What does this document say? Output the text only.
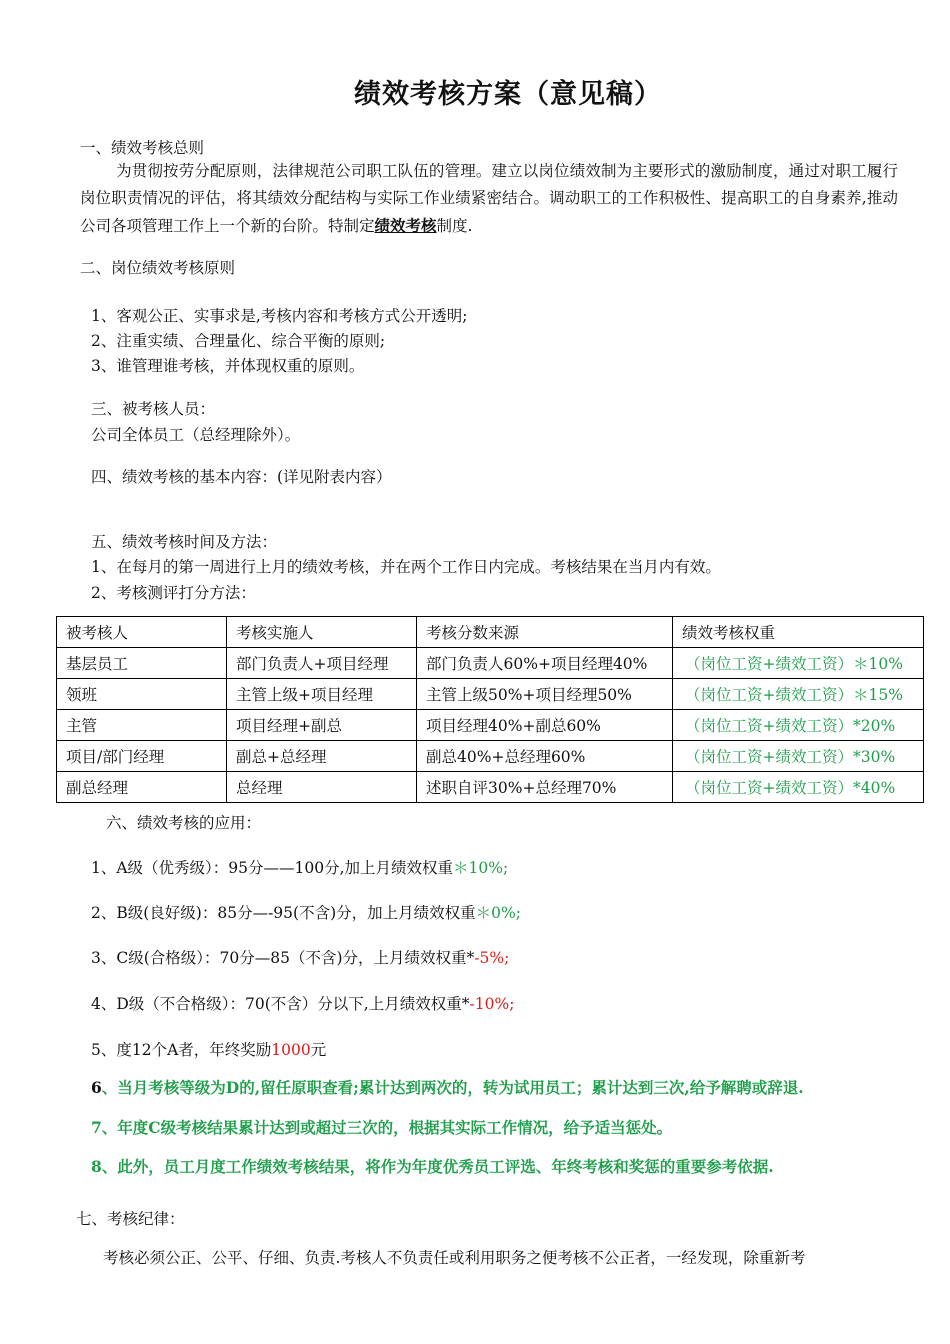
绩效考核方案（意见稿）
一、绩效考核总则
为贯彻按劳分配原则，法律规范公司职工队伍的管理。建立以岗位绩效制为主要形式的激励制度，通过对职工履行岗位职责情况的评估，将其绩效分配结构与实际工作业绩紧密结合。调动职工的工作积极性、提高职工的自身素养,推动公司各项管理工作上一个新的台阶。特制定绩效考核制度.
二、岗位绩效考核原则
1、客观公正、实事求是,考核内容和考核方式公开透明;
2、注重实绩、合理量化、综合平衡的原则;
3、谁管理谁考核，并体现权重的原则。
三、被考核人员：
公司全体员工（总经理除外）。
四、绩效考核的基本内容：(详见附表内容）
五、绩效考核时间及方法：
1、在每月的第一周进行上月的绩效考核，并在两个工作日内完成。考核结果在当月内有效。
2、考核测评打分方法：
被考核人	考核实施人	考核分数来源	绩效考核权重
基层员工	部门负责人+项目经理	部门负责人60%+项目经理40%	（岗位工资+绩效工资）＊10%
领班	主管上级+项目经理	主管上级50%+项目经理50%	（岗位工资+绩效工资）＊15%
主管	项目经理+副总	项目经理40%+副总60%	（岗位工资+绩效工资）*20%
项目/部门经理	副总+总经理	副总40%+总经理60%	（岗位工资+绩效工资）*30%
副总经理	总经理	述职自评30%+总经理70%	（岗位工资+绩效工资）*40%
六、绩效考核的应用：
1、A级（优秀级）：95分——100分,加上月绩效权重＊10%;
2、B级(良好级)：85分—-95(不含)分，加上月绩效权重＊0%;
3、C级(合格级）：70分—85（不含)分，上月绩效权重*-5%;
4、D级（不合格级）：70(不含）分以下,上月绩效权重*-10%;
5、度12个A者，年终奖励1000元
6、当月考核等级为D的,留任原职查看;累计达到两次的，转为试用员工；累计达到三次,给予解聘或辞退.
7、年度C级考核结果累计达到或超过三次的，根据其实际工作情况，给予适当惩处。
8、此外，员工月度工作绩效考核结果，将作为年度优秀员工评选、年终考核和奖惩的重要参考依据.
七、考核纪律：
考核必须公正、公平、仔细、负责.考核人不负责任或利用职务之便考核不公正者，一经发现，除重新考
